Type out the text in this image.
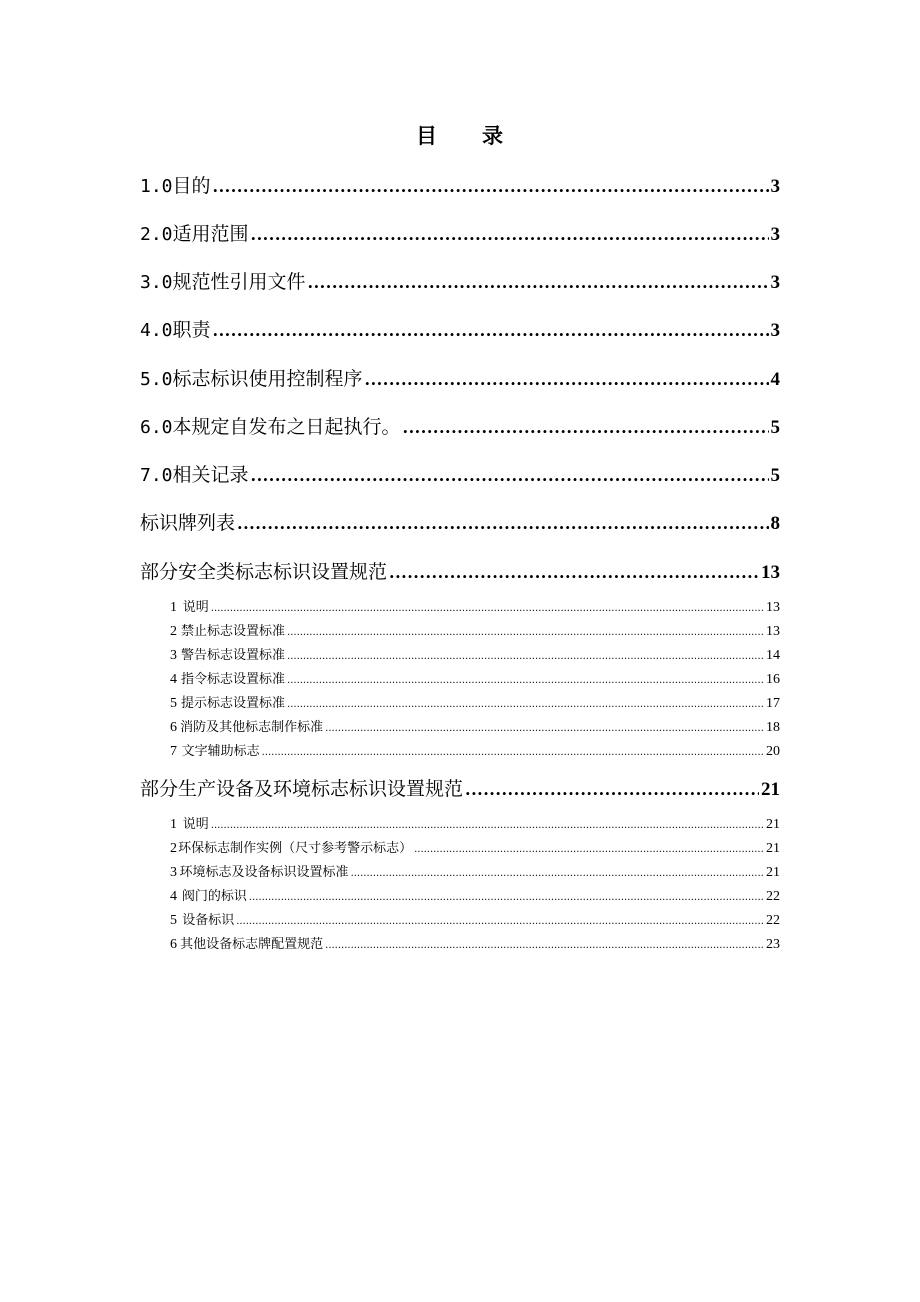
目 录
1.0 目的 .....	3
2.0 适用范围 .....	3
3.0 规范性引用文件 .....	3
4.0 职责 .....	3
5.0 标志标识使用控制程序 .....	4
6.0 本规定自发布之日起执行。 .....	5
7.0 相关记录 .....	5
标识牌列表 .....	8
部分安全类标志标识设置规范 .....	13
1 说明 .....	13
2 禁止标志设置标准 .....	13
3 警告标志设置标准 .....	14
4 指令标志设置标准 .....	16
5 提示标志设置标准 .....	17
6 消防及其他标志制作标准 .....	18
7 文字辅助标志 .....	20
部分生产设备及环境标志标识设置规范 .....	21
1 说明 .....	21
2 环保标志制作实例（尺寸参考警示标志） .....	21
3 环境标志及设备标识设置标准 .....	21
4 阀门的标识 .....	22
5 设备标识 .....	22
6 其他设备标志牌配置规范 .....	23
